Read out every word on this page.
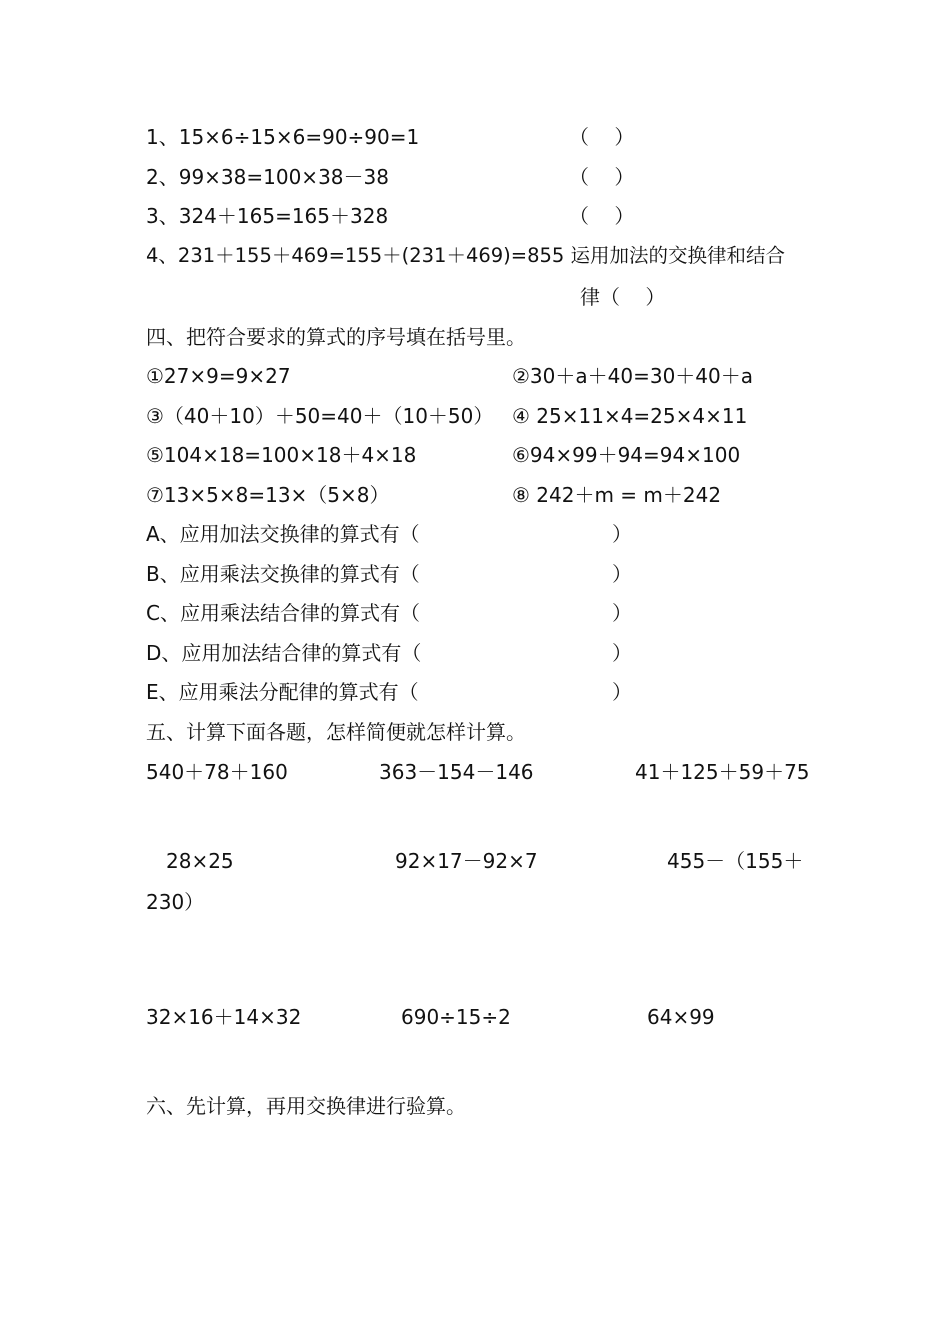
1、15×6÷15×6=90÷90=1	（    ）
2、99×38=100×38－38	（    ）
3、324＋165=165＋328	（    ）
4、231＋155＋469=155＋(231＋469)=855 运用加法的交换律和结合
律（    ）
四、把符合要求的算式的序号填在括号里。
①27×9=9×27	②30＋a＋40=30＋40＋a
③（40＋10）＋50=40＋（10＋50） ④ 25×11×4=25×4×11
⑤104×18=100×18＋4×18	⑥94×99＋94=94×100
⑦13×5×8=13×（5×8）	⑧ 242＋m = m＋242
A、应用加法交换律的算式有（	）
B、应用乘法交换律的算式有（	）
C、应用乘法结合律的算式有（	）
D、应用加法结合律的算式有（	）
E、应用乘法分配律的算式有（	）
五、计算下面各题，怎样简便就怎样计算。
540＋78＋160	363－154－146	41＋125＋59＋75
28×25	92×17－92×7	455－（155＋
230）
32×16＋14×32	690÷15÷2	64×99
六、先计算，再用交换律进行验算。
